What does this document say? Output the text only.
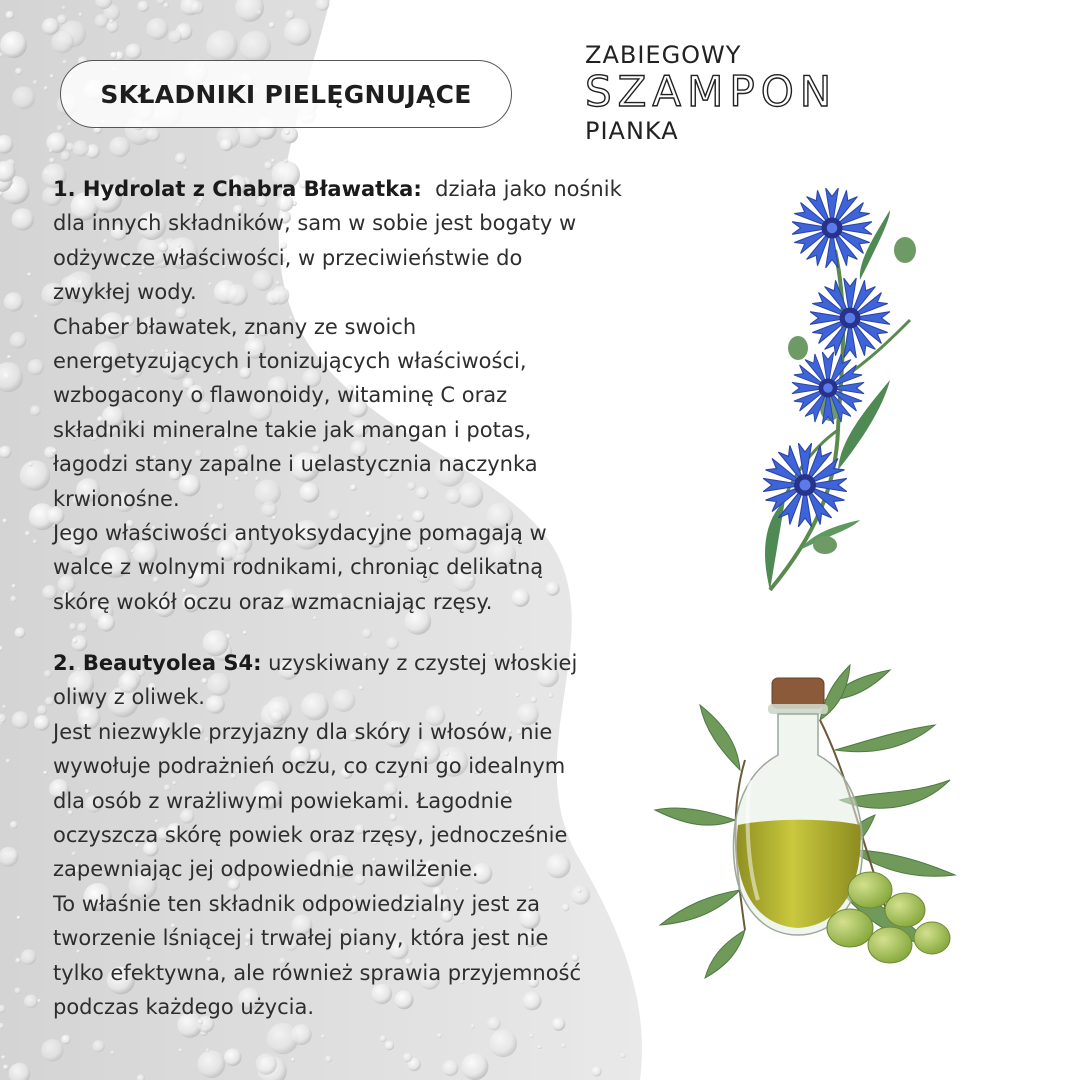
SKŁADNIKI PIELĘGNUJĄCE
ZABIEGOWY
SZAMPON
PIANKA
1. Hydrolat z Chabra Bławatka:  działa jako nośnik
dla innych składników, sam w sobie jest bogaty w
odżywcze właściwości, w przeciwieństwie do
zwykłej wody.
Chaber bławatek, znany ze swoich
energetyzujących i tonizujących właściwości,
wzbogacony o flawonoidy, witaminę C oraz
składniki mineralne takie jak mangan i potas,
łagodzi stany zapalne i uelastycznia naczynka
krwionośne.
Jego właściwości antyoksydacyjne pomagają w
walce z wolnymi rodnikami, chroniąc delikatną
skórę wokół oczu oraz wzmacniając rzęsy.
2. Beautyolea S4: uzyskiwany z czystej włoskiej
oliwy z oliwek.
Jest niezwykle przyjazny dla skóry i włosów, nie
wywołuje podrażnień oczu, co czyni go idealnym
dla osób z wrażliwymi powiekami. Łagodnie
oczyszcza skórę powiek oraz rzęsy, jednocześnie
zapewniając jej odpowiednie nawilżenie.
To właśnie ten składnik odpowiedzialny jest za
tworzenie lśniącej i trwałej piany, która jest nie
tylko efektywna, ale również sprawia przyjemność
podczas każdego użycia.
